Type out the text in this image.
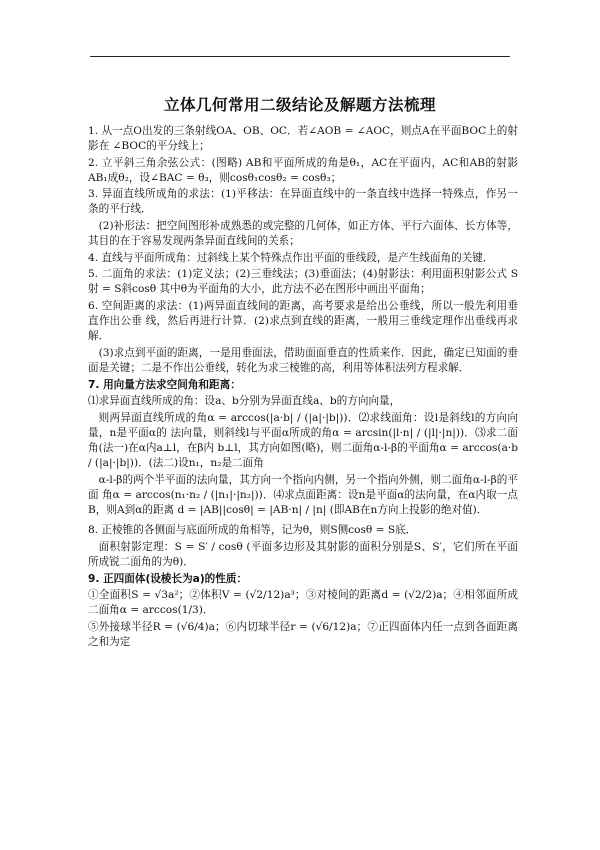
立体几何常用二级结论及解题方法梳理

1. 从一点O出发的三条射线OA、OB、OC．若∠AOB = ∠AOC，则点A在平面BOC上的射影在 ∠BOC的平分线上；

2. 立平斜三角余弦公式：(图略) AB和平面所成的角是θ₁，AC在平面内，AC和AB的射影AB₁成θ₂，设∠BAC = θ₃，则cosθ₁cosθ₂ = cosθ₃；

3. 异面直线所成角的求法：(1)平移法：在异面直线中的一条直线中选择一特殊点，作另一条的平行线．

(2)补形法：把空间图形补成熟悉的或完整的几何体，如正方体、平行六面体、长方体等，其目的在于容易发现两条异面直线间的关系；

4. 直线与平面所成角：过斜线上某个特殊点作出平面的垂线段，是产生线面角的关键．

5. 二面角的求法：(1)定义法；(2)三垂线法；(3)垂面法；(4)射影法：利用面积射影公式 S射 = S斜cosθ 其中θ为平面角的大小，此方法不必在图形中画出平面角；

6. 空间距离的求法：(1)两异面直线间的距离，高考要求是给出公垂线，所以一般先利用垂直作出公垂 线，然后再进行计算．(2)求点到直线的距离，一般用三垂线定理作出垂线再求解．

(3)求点到平面的距离，一是用垂面法，借助面面垂直的性质来作．因此，确定已知面的垂面是关键；二是不作出公垂线，转化为求三棱锥的高，利用等体积法列方程求解．

7. 用向量方法求空间角和距离：

⑴求异面直线所成的角：设a、b分别为异面直线a、b的方向向量，

则两异面直线所成的角α = arccos(|a·b| / (|a|·|b|))．⑵求线面角：设l是斜线l的方向向量，n是平面α的 法向量，则斜线l与平面α所成的角α = arcsin(|l·n| / (|l|·|n|))．⑶求二面角(法一)在α内a⊥l，在β内 b⊥l，其方向如图(略)，则二面角α-l-β的平面角α = arccos(a·b / (|a|·|b|))．(法二)设n₁，n₂是二面角

α-l-β的两个半平面的法向量，其方向一个指向内侧，另一个指向外侧，则二面角α-l-β的平面 角α = arccos(n₁·n₂ / (|n₁|·|n₂|))．⑷求点面距离：设n是平面α的法向量，在α内取一点B，则A到α的距离 d = |AB||cosθ| = |AB·n| / |n| (即AB在n方向上投影的绝对值)．

8. 正棱锥的各侧面与底面所成的角相等，记为θ，则S侧cosθ = S底．

面积射影定理：S = S′ / cosθ (平面多边形及其射影的面积分别是S、S′，它们所在平面所成锐二面角的为θ)．

9. 正四面体(设棱长为a)的性质：

①全面积S = √3a²；②体积V = (√2/12)a³；③对棱间的距离d = (√2/2)a；④相邻面所成二面角α = arccos(1/3)．

⑤外接球半径R = (√6/4)a；⑥内切球半径r = (√6/12)a；⑦正四面体内任一点到各面距离之和为定
